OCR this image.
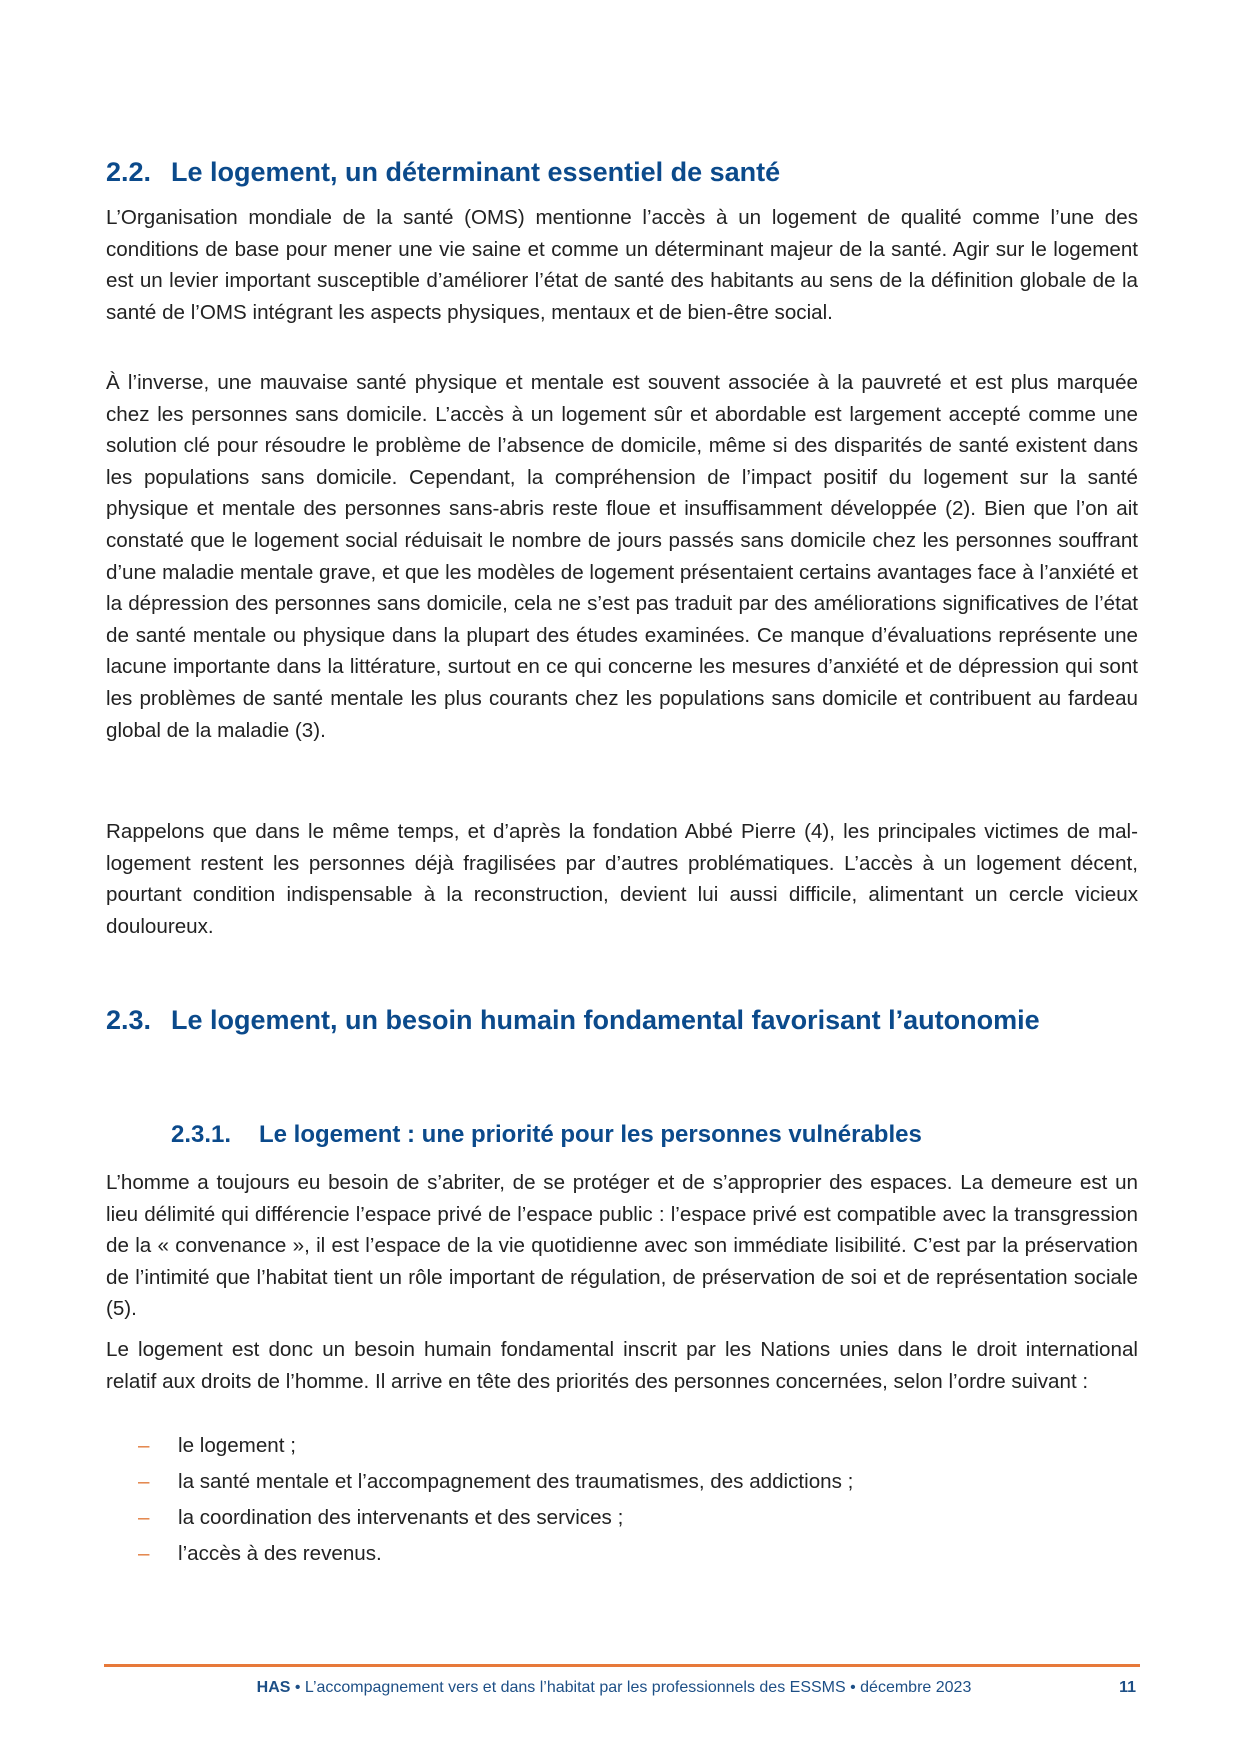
2.2. Le logement, un déterminant essentiel de santé

L’Organisation mondiale de la santé (OMS) mentionne l’accès à un logement de qualité comme l’une des conditions de base pour mener une vie saine et comme un déterminant majeur de la santé. Agir sur le logement est un levier important susceptible d’améliorer l’état de santé des habitants au sens de la définition globale de la santé de l’OMS intégrant les aspects physiques, mentaux et de bien-être social.

À l’inverse, une mauvaise santé physique et mentale est souvent associée à la pauvreté et est plus marquée chez les personnes sans domicile. L’accès à un logement sûr et abordable est largement accepté comme une solution clé pour résoudre le problème de l’absence de domicile, même si des disparités de santé existent dans les populations sans domicile. Cependant, la compréhension de l’impact positif du logement sur la santé physique et mentale des personnes sans-abris reste floue et insuffisamment développée (2). Bien que l’on ait constaté que le logement social réduisait le nombre de jours passés sans domicile chez les personnes souffrant d’une maladie mentale grave, et que les modèles de logement présentaient certains avantages face à l’anxiété et la dépression des personnes sans domicile, cela ne s’est pas traduit par des améliorations significatives de l’état de santé mentale ou physique dans la plupart des études examinées. Ce manque d’évaluations représente une lacune importante dans la littérature, surtout en ce qui concerne les mesures d’anxiété et de dépression qui sont les problèmes de santé mentale les plus courants chez les populations sans domicile et contribuent au fardeau global de la maladie (3).

Rappelons que dans le même temps, et d’après la fondation Abbé Pierre (4), les principales victimes de mal-logement restent les personnes déjà fragilisées par d’autres problématiques. L’accès à un logement décent, pourtant condition indispensable à la reconstruction, devient lui aussi difficile, alimentant un cercle vicieux douloureux.

2.3. Le logement, un besoin humain fondamental favorisant l’autonomie
2.3.1. Le logement : une priorité pour les personnes vulnérables

L’homme a toujours eu besoin de s’abriter, de se protéger et de s’approprier des espaces. La demeure est un lieu délimité qui différencie l’espace privé de l’espace public : l’espace privé est compatible avec la transgression de la « convenance », il est l’espace de la vie quotidienne avec son immédiate lisibilité. C’est par la préservation de l’intimité que l’habitat tient un rôle important de régulation, de préservation de soi et de représentation sociale (5).

Le logement est donc un besoin humain fondamental inscrit par les Nations unies dans le droit international relatif aux droits de l’homme. Il arrive en tête des priorités des personnes concernées, selon l’ordre suivant :

– le logement ;
– la santé mentale et l’accompagnement des traumatismes, des addictions ;
– la coordination des intervenants et des services ;
– l’accès à des revenus.
HAS • L’accompagnement vers et dans l’habitat par les professionnels des ESSMS • décembre 2023	11
